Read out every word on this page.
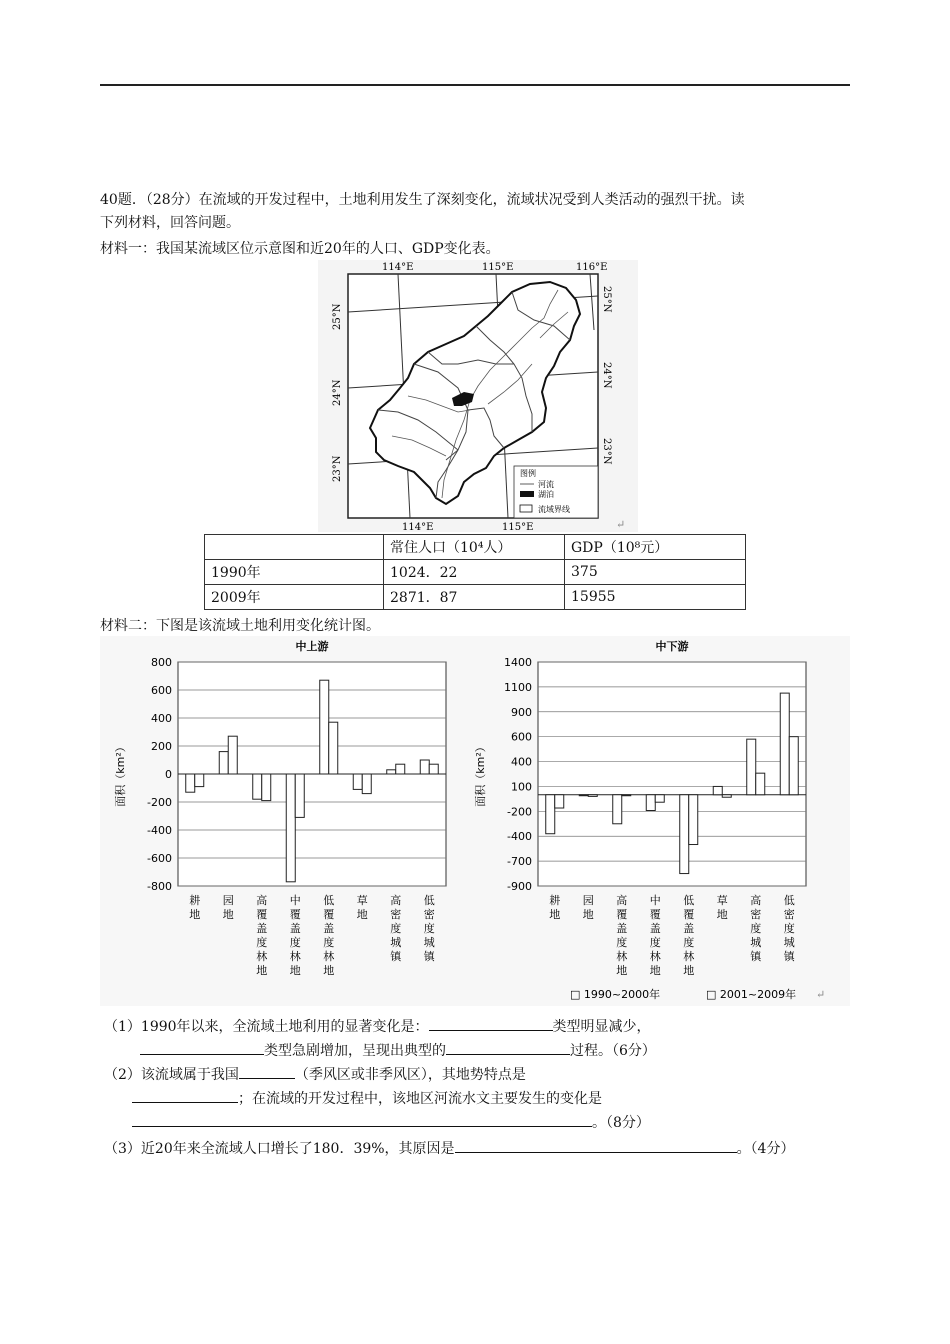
40题．（28分）在流域的开发过程中，土地利用发生了深刻变化，流域状况受到人类活动的强烈干扰。读
下列材料，回答问题。
材料一：我国某流域区位示意图和近20年的人口、GDP变化表。
图例
河流
湖泊
流域界线
114°E	115°E	116°E
114°E	115°E
25°N
24°N
23°N
25°N
24°N
23°N
↵
	常住人口（10⁴人）	GDP（10⁸元）
1990年	1024．22	375
2009年	2871．87	15955
材料二：下图是该流域土地利用变化统计图。
800
600
400
200
0
-200
-400
-600
-800
中上游
面积（km²）
耕
地
园
地
高
覆
盖
度
林
地
中
覆
盖
度
林
地
低
覆
盖
度
林
地
草
地
高
密
度
城
镇
低
密
度
城
镇
1400
1100
900
600
400
100
-200
-400
-700
-900
中下游
面积（km²）
耕
地
园
地
高
覆
盖
度
林
地
中
覆
盖
度
林
地
低
覆
盖
度
林
地
草
地
高
密
度
城
镇
低
密
度
城
镇
□ 1990~2000年	□ 2001~2009年 ↵
（1）1990年以来，全流域土地利用的显著变化是：	类型明显减少，
类型急剧增加，呈现出典型的	过程。（6分）
（2）该流域属于我国	（季风区或非季风区），其地势特点是
；在流域的开发过程中，该地区河流水文主要发生的变化是
。（8分）
（3）近20年来全流域人口增长了180．39%，其原因是	。（4分）
